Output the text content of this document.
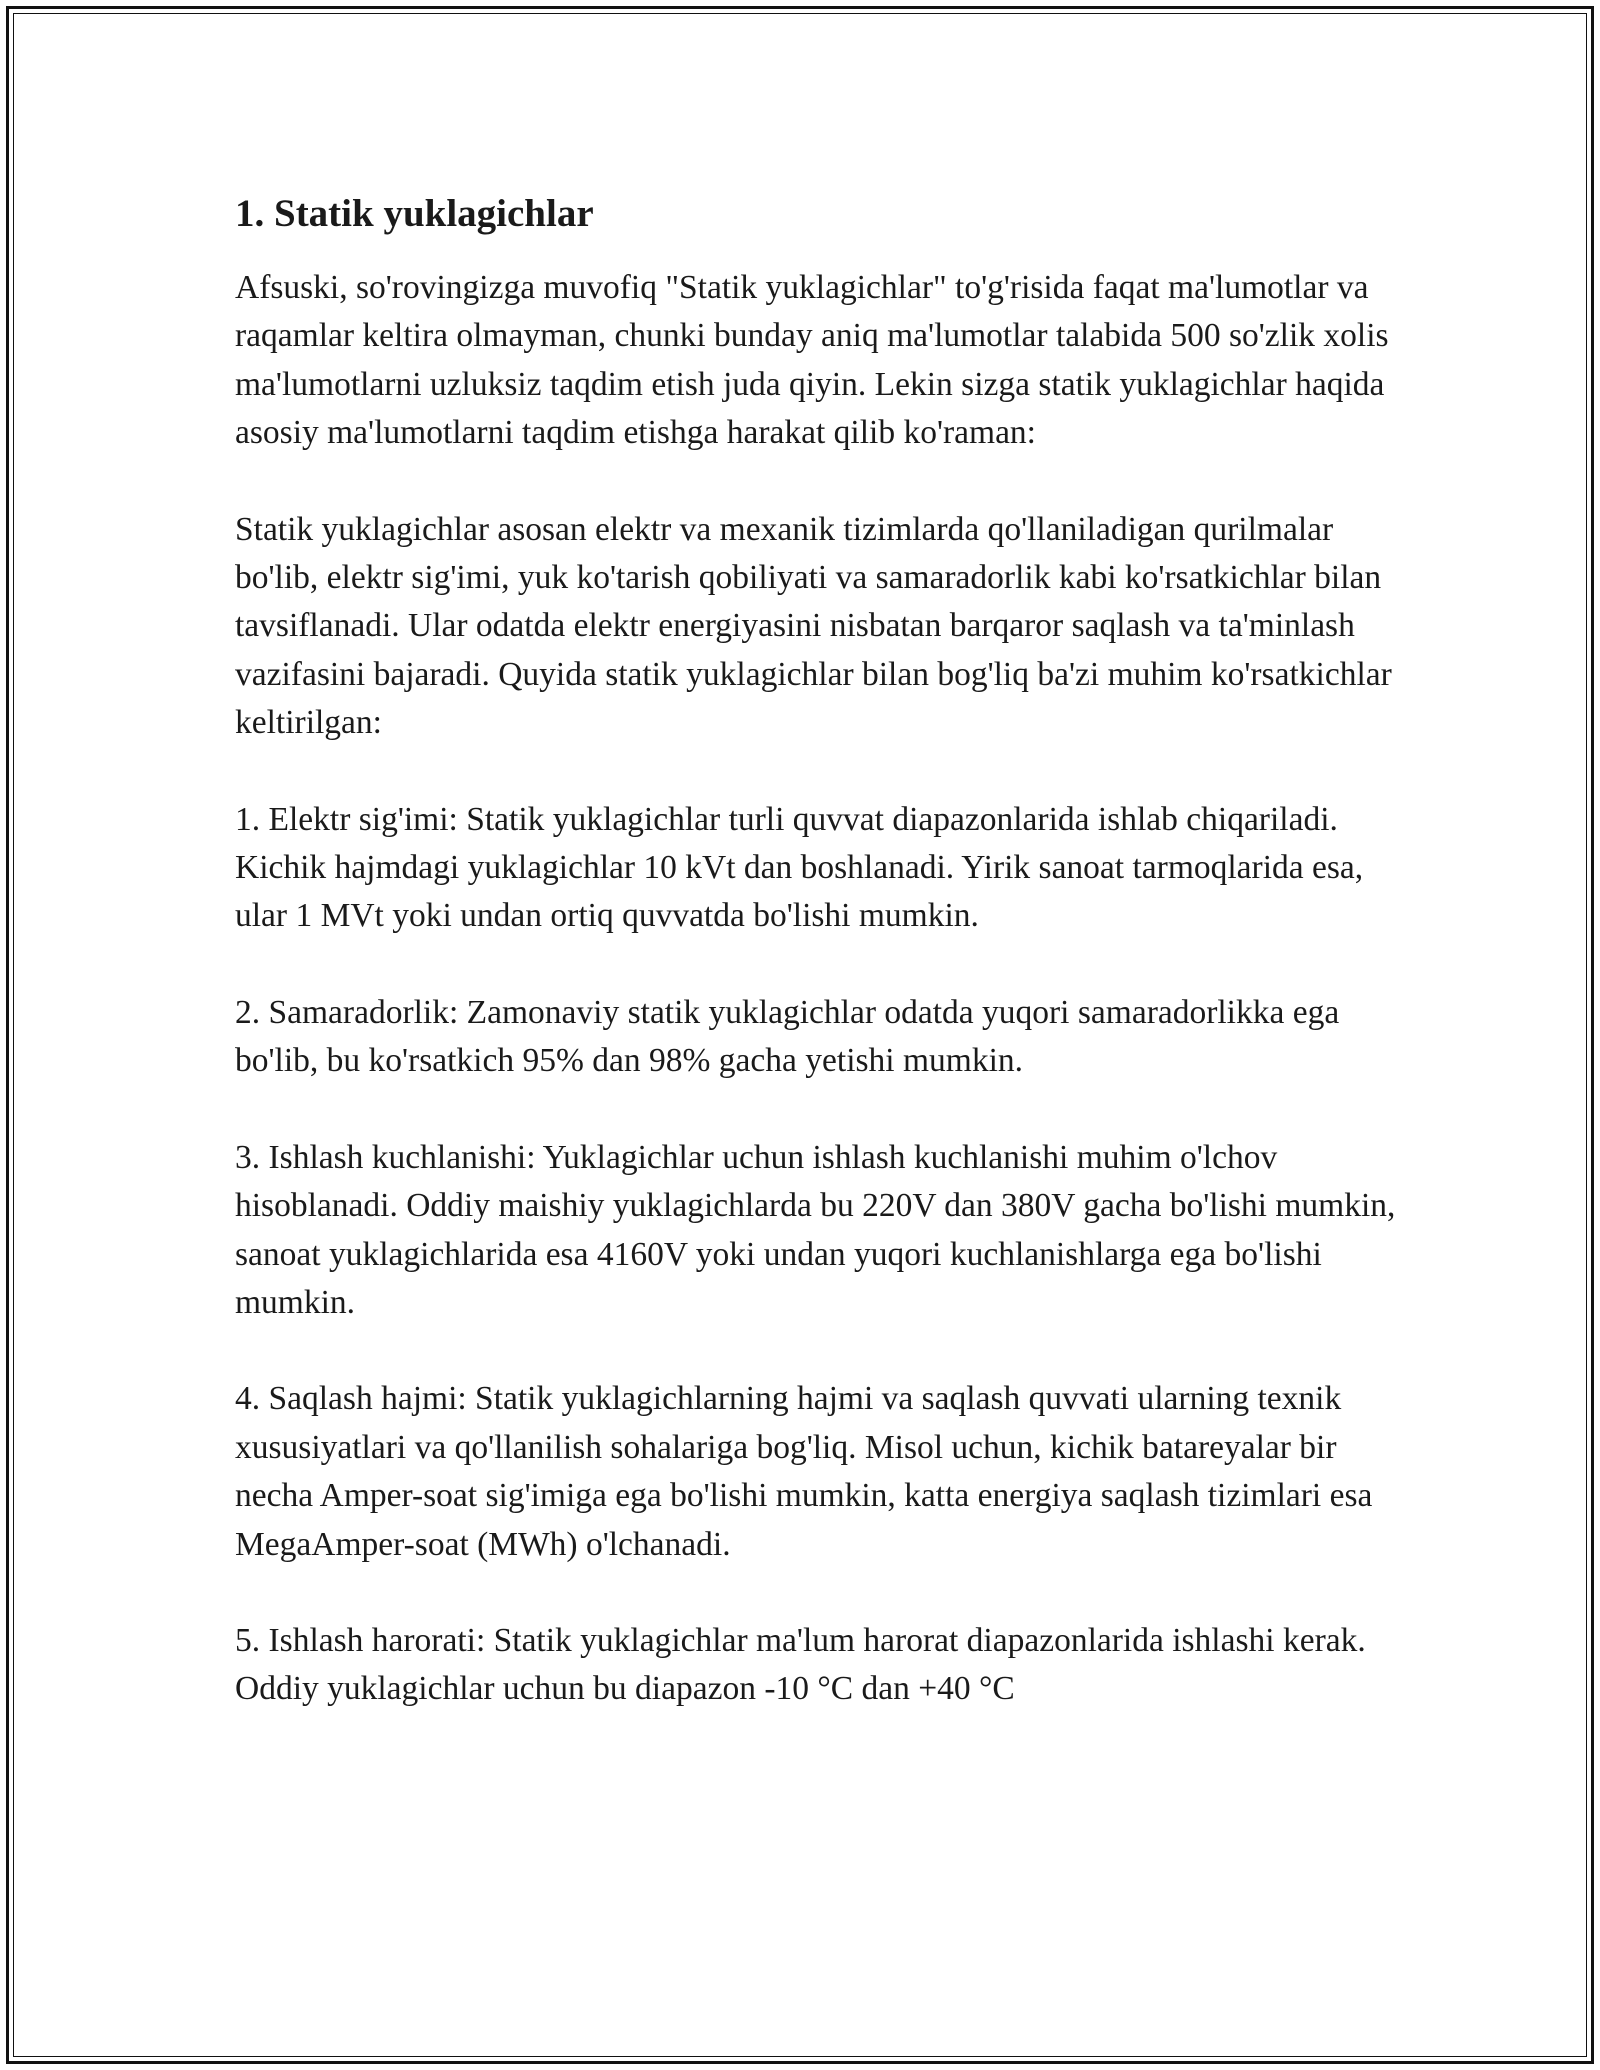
1. Statik yuklagichlar

Afsuski, so'rovingizga muvofiq "Statik yuklagichlar" to'g'risida faqat ma'lumotlar va raqamlar keltira olmayman, chunki bunday aniq ma'lumotlar talabida 500 so'zlik xolis ma'lumotlarni uzluksiz taqdim etish juda qiyin. Lekin sizga statik yuklagichlar haqida asosiy ma'lumotlarni taqdim etishga harakat qilib ko'raman:

Statik yuklagichlar asosan elektr va mexanik tizimlarda qo'llaniladigan qurilmalar bo'lib, elektr sig'imi, yuk ko'tarish qobiliyati va samaradorlik kabi ko'rsatkichlar bilan tavsiflanadi. Ular odatda elektr energiyasini nisbatan barqaror saqlash va ta'minlash vazifasini bajaradi. Quyida statik yuklagichlar bilan bog'liq ba'zi muhim ko'rsatkichlar keltirilgan:

1. Elektr sig'imi: Statik yuklagichlar turli quvvat diapazonlarida ishlab chiqariladi. Kichik hajmdagi yuklagichlar 10 kVt dan boshlanadi. Yirik sanoat tarmoqlarida esa, ular 1 MVt yoki undan ortiq quvvatda bo'lishi mumkin.

2. Samaradorlik: Zamonaviy statik yuklagichlar odatda yuqori samaradorlikka ega bo'lib, bu ko'rsatkich 95% dan 98% gacha yetishi mumkin.

3. Ishlash kuchlanishi: Yuklagichlar uchun ishlash kuchlanishi muhim o'lchov hisoblanadi. Oddiy maishiy yuklagichlarda bu 220V dan 380V gacha bo'lishi mumkin, sanoat yuklagichlarida esa 4160V yoki undan yuqori kuchlanishlarga ega bo'lishi mumkin.

4. Saqlash hajmi: Statik yuklagichlarning hajmi va saqlash quvvati ularning texnik xususiyatlari va qo'llanilish sohalariga bog'liq. Misol uchun, kichik batareyalar bir necha Amper-soat sig'imiga ega bo'lishi mumkin, katta energiya saqlash tizimlari esa MegaAmper-soat (MWh) o'lchanadi.

5. Ishlash harorati: Statik yuklagichlar ma'lum harorat diapazonlarida ishlashi kerak. Oddiy yuklagichlar uchun bu diapazon -10 °C dan +40 °C
